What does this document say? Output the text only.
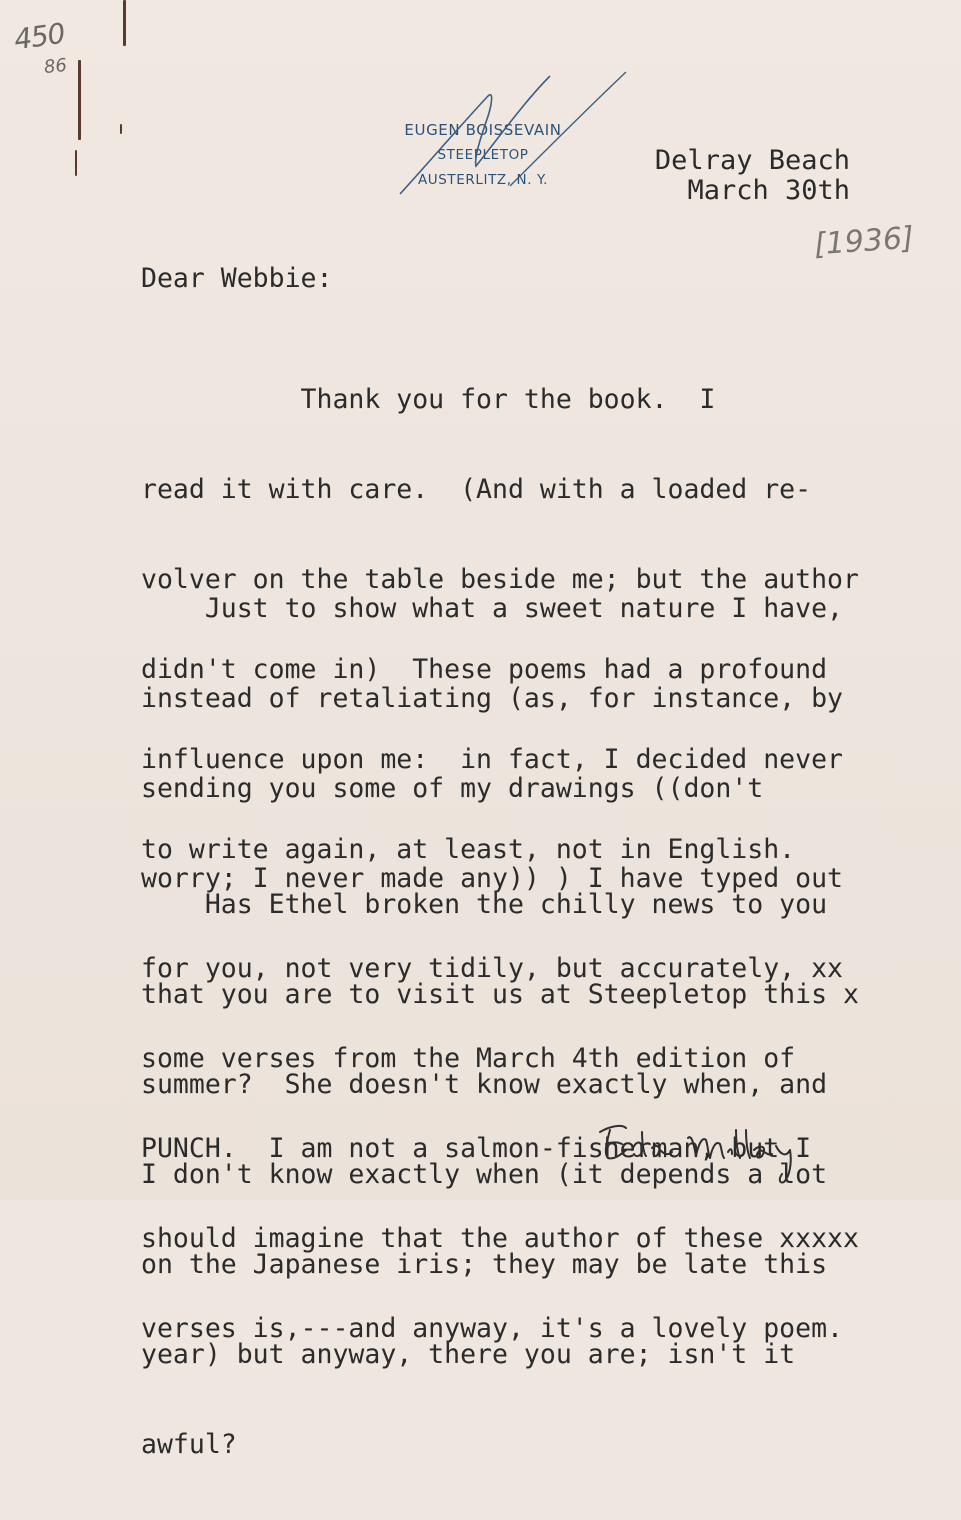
450
86
[1936]
EUGEN BOISSEVAIN
STEEPLETOP
AUSTERLITZ, N. Y.
Delray Beach
March 30th
Dear Webbie:

Thank you for the book.  I

read it with care.  (And with a loaded re-

volver on the table beside me; but the author

didn't come in)  These poems had a profound

influence upon me:  in fact, I decided never

to write again, at least, not in English.

Just to show what a sweet nature I have,

instead of retaliating (as, for instance, by

sending you some of my drawings ((don't

worry; I never made any)) ) I have typed out

for you, not very tidily, but accurately, xx

some verses from the March 4th edition of

PUNCH.  I am not a salmon-fisherman, but I

should imagine that the author of these xxxxx

verses is,---and anyway, it's a lovely poem.

Has Ethel broken the chilly news to you

that you are to visit us at Steepletop this x

summer?  She doesn't know exactly when, and

I don't know exactly when (it depends a lot

on the Japanese iris; they may be late this

year) but anyway, there you are; isn't it

awful?
